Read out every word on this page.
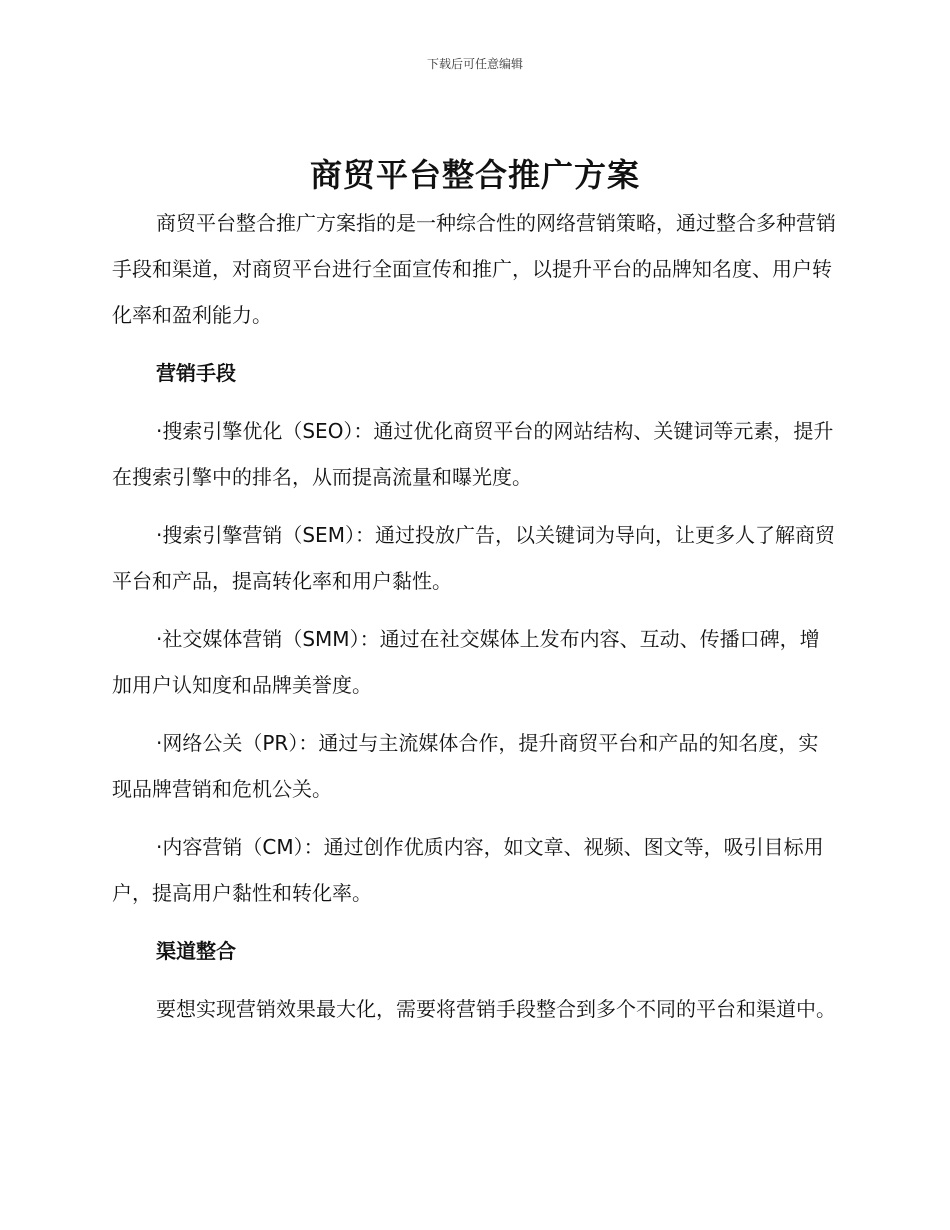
下载后可任意编辑
商贸平台整合推广方案

商贸平台整合推广方案指的是一种综合性的网络营销策略，通过整合多种营销手段和渠道，对商贸平台进行全面宣传和推广，以提升平台的品牌知名度、用户转化率和盈利能力。

营销手段

·搜索引擎优化（SEO）：通过优化商贸平台的网站结构、关键词等元素，提升在搜索引擎中的排名，从而提高流量和曝光度。

·搜索引擎营销（SEM）：通过投放广告，以关键词为导向，让更多人了解商贸平台和产品，提高转化率和用户黏性。

·社交媒体营销（SMM）：通过在社交媒体上发布内容、互动、传播口碑，增加用户认知度和品牌美誉度。

·网络公关（PR）：通过与主流媒体合作，提升商贸平台和产品的知名度，实现品牌营销和危机公关。

·内容营销（CM）：通过创作优质内容，如文章、视频、图文等，吸引目标用户，提高用户黏性和转化率。

渠道整合

要想实现营销效果最大化，需要将营销手段整合到多个不同的平台和渠道中。
